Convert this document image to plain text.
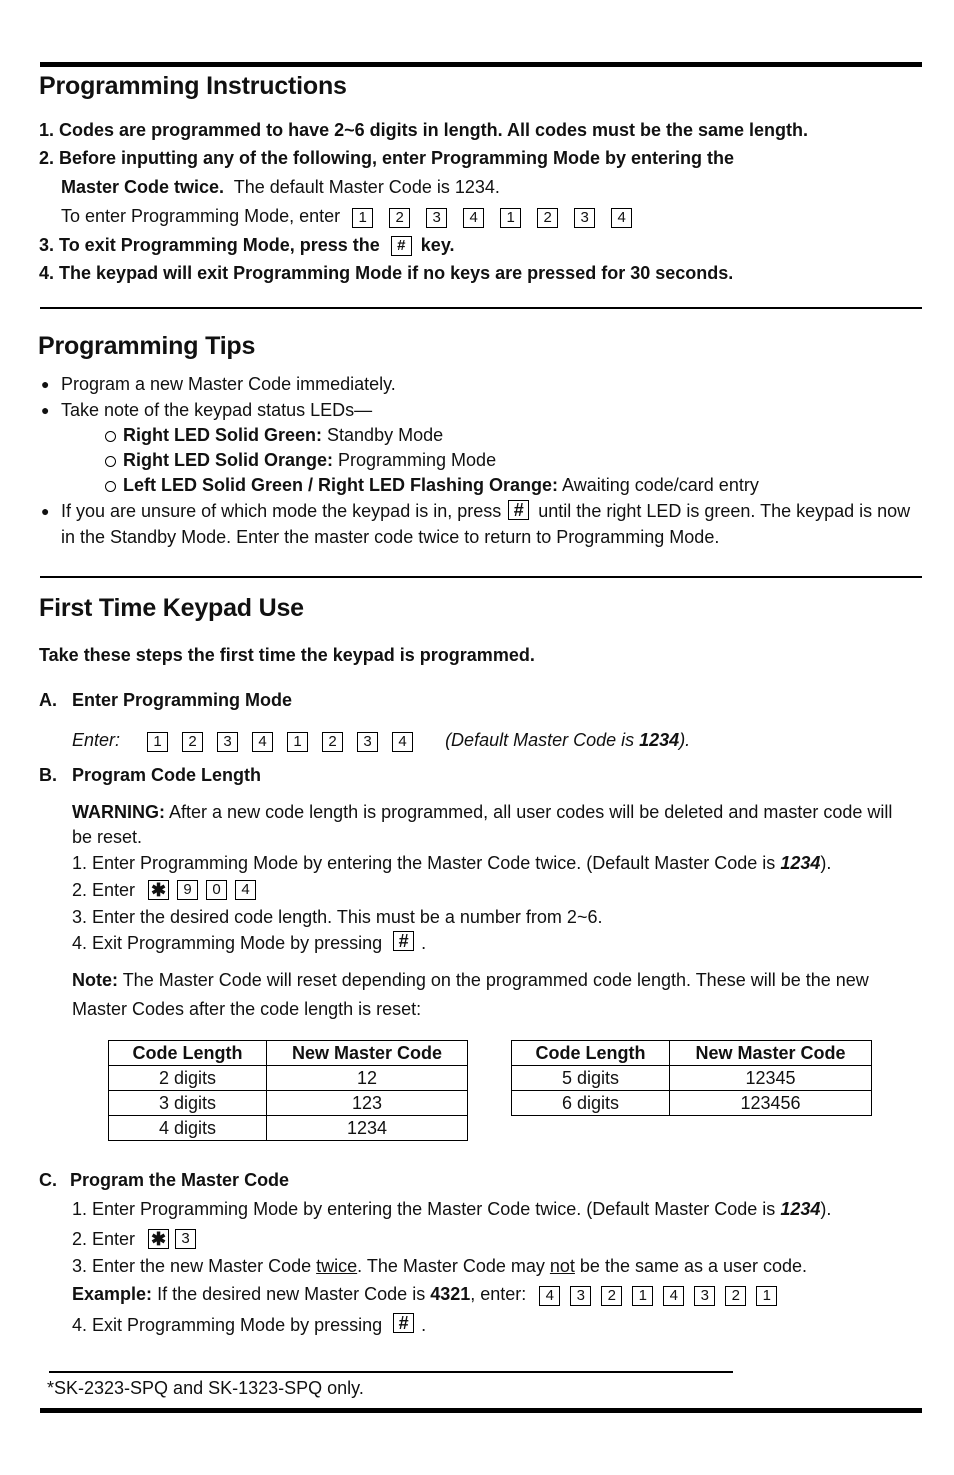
Programming Instructions
1. Codes are programmed to have 2~6 digits in length. All codes must be the same length.
2. Before inputting any of the following, enter Programming Mode by entering the
Master Code twice. The default Master Code is 1234.
To enter Programming Mode, enter	1	2	3	4	1	2	3	4
3. To exit Programming Mode, press the # key.
4. The keypad will exit Programming Mode if no keys are pressed for 30 seconds.
Programming Tips
● Program a new Master Code immediately.
● Take note of the keypad status LEDs—
Right LED Solid Green: Standby Mode
Right LED Solid Orange: Programming Mode
Left LED Solid Green / Right LED Flashing Orange: Awaiting code/card entry
● If you are unsure of which mode the keypad is in, press # until the right LED is green. The keypad is now
in the Standby Mode. Enter the master code twice to return to Programming Mode.
First Time Keypad Use
Take these steps the first time the keypad is programmed.
A. Enter Programming Mode
Enter:	1	2	3	4	1	2	3	4	(Default Master Code is 1234).
B. Program Code Length
WARNING: After a new code length is programmed, all user codes will be deleted and master code will
be reset.
1. Enter Programming Mode by entering the Master Code twice. (Default Master Code is 1234).
2. Enter ✱	9	0	4
3. Enter the desired code length. This must be a number from 2~6.
4. Exit Programming Mode by pressing # .
Note: The Master Code will reset depending on the programmed code length. These will be the new
Master Codes after the code length is reset:
Code Length	New Master Code
2 digits	12
3 digits	123
4 digits	1234
Code Length	New Master Code
5 digits	12345
6 digits	123456
C. Program the Master Code
1. Enter Programming Mode by entering the Master Code twice. (Default Master Code is 1234).
2. Enter ✱	3
3. Enter the new Master Code twice. The Master Code may not be the same as a user code.
Example: If the desired new Master Code is 4321, enter:	4	3	2	1	4	3	2	1
4. Exit Programming Mode by pressing # .
*SK-2323-SPQ and SK-1323-SPQ only.
